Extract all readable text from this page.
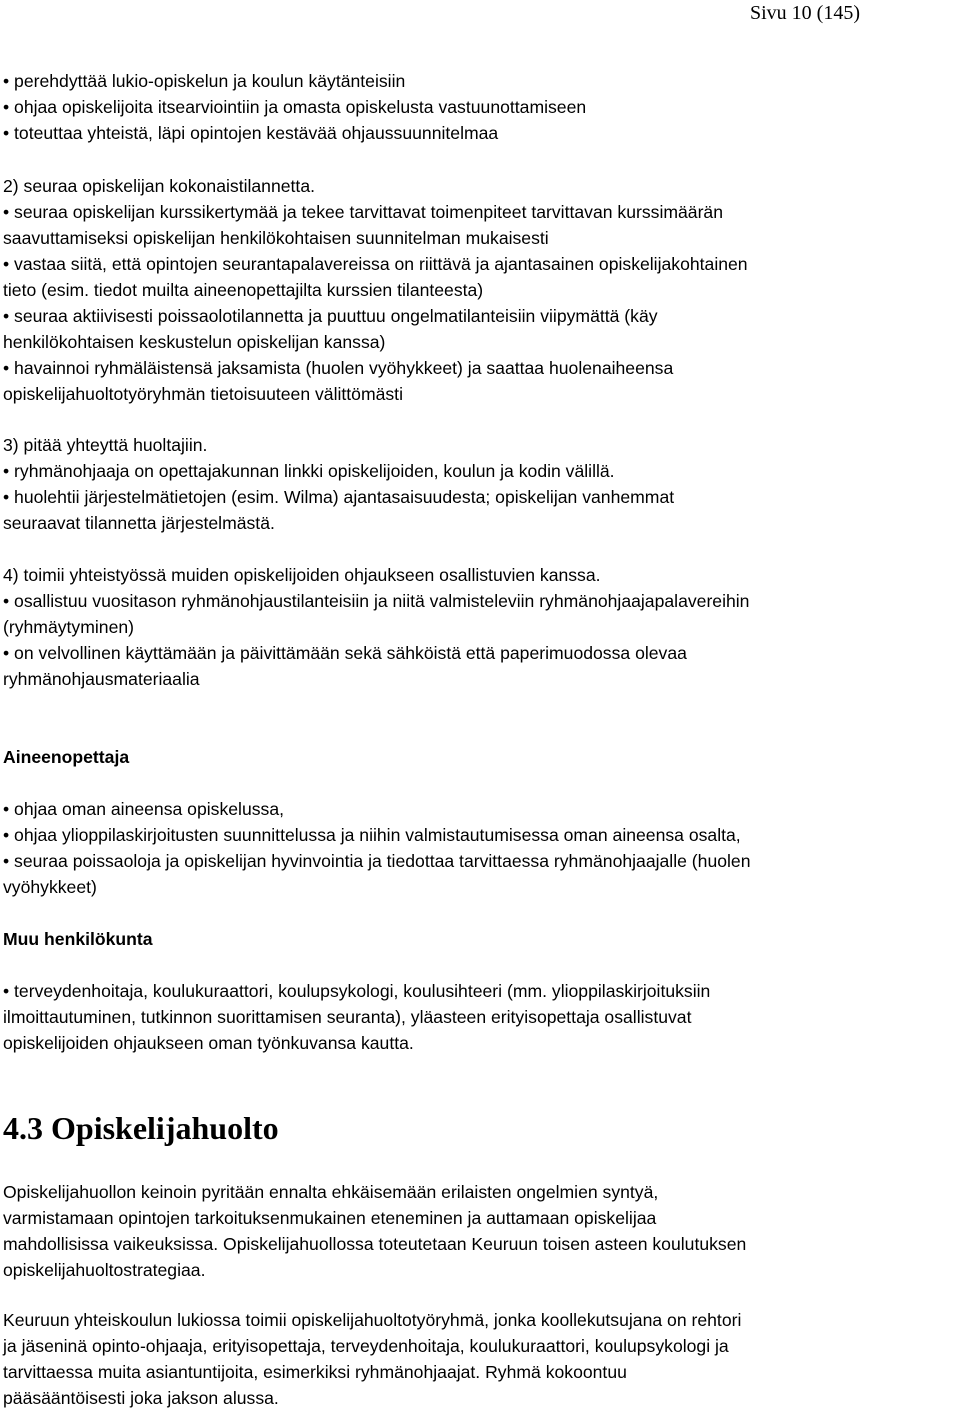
Sivu 10 (145)
• perehdyttää lukio-opiskelun ja koulun käytänteisiin
• ohjaa opiskelijoita itsearviointiin ja omasta opiskelusta vastuunottamiseen
• toteuttaa yhteistä, läpi opintojen kestävää ohjaussuunnitelmaa
2) seuraa opiskelijan kokonaistilannetta.
• seuraa opiskelijan kurssikertymää ja tekee tarvittavat toimenpiteet tarvittavan kurssimäärän
saavuttamiseksi opiskelijan henkilökohtaisen suunnitelman mukaisesti
• vastaa siitä, että opintojen seurantapalavereissa on riittävä ja ajantasainen opiskelijakohtainen
tieto (esim. tiedot muilta aineenopettajilta kurssien tilanteesta)
• seuraa aktiivisesti poissaolotilannetta ja puuttuu ongelmatilanteisiin viipymättä (käy
henkilökohtaisen keskustelun opiskelijan kanssa)
• havainnoi ryhmäläistensä jaksamista (huolen vyöhykkeet) ja saattaa huolenaiheensa
opiskelijahuoltotyöryhmän tietoisuuteen välittömästi
3) pitää yhteyttä huoltajiin.
• ryhmänohjaaja on opettajakunnan linkki opiskelijoiden, koulun ja kodin välillä.
• huolehtii järjestelmätietojen (esim. Wilma) ajantasaisuudesta; opiskelijan vanhemmat
seuraavat tilannetta järjestelmästä.
4) toimii yhteistyössä muiden opiskelijoiden ohjaukseen osallistuvien kanssa.
• osallistuu vuositason ryhmänohjaustilanteisiin ja niitä valmisteleviin ryhmänohjaajapalavereihin
(ryhmäytyminen)
• on velvollinen käyttämään ja päivittämään sekä sähköistä että paperimuodossa olevaa
ryhmänohjausmateriaalia
Aineenopettaja
• ohjaa oman aineensa opiskelussa,
• ohjaa ylioppilaskirjoitusten suunnittelussa ja niihin valmistautumisessa oman aineensa osalta,
• seuraa poissaoloja ja opiskelijan hyvinvointia ja tiedottaa tarvittaessa ryhmänohjaajalle (huolen
vyöhykkeet)
Muu henkilökunta
• terveydenhoitaja, koulukuraattori, koulupsykologi, koulusihteeri (mm. ylioppilaskirjoituksiin
ilmoittautuminen, tutkinnon suorittamisen seuranta), yläasteen erityisopettaja osallistuvat
opiskelijoiden ohjaukseen oman työnkuvansa kautta.
4.3 Opiskelijahuolto
Opiskelijahuollon keinoin pyritään ennalta ehkäisemään erilaisten ongelmien syntyä,
varmistamaan opintojen tarkoituksenmukainen eteneminen ja auttamaan opiskelijaa
mahdollisissa vaikeuksissa. Opiskelijahuollossa toteutetaan Keuruun toisen asteen koulutuksen
opiskelijahuoltostrategiaa.
Keuruun yhteiskoulun lukiossa toimii opiskelijahuoltotyöryhmä, jonka koollekutsujana on rehtori
ja jäseninä opinto-ohjaaja, erityisopettaja, terveydenhoitaja, koulukuraattori, koulupsykologi ja
tarvittaessa muita asiantuntijoita, esimerkiksi ryhmänohjaajat. Ryhmä kokoontuu
pääsääntöisesti joka jakson alussa.
